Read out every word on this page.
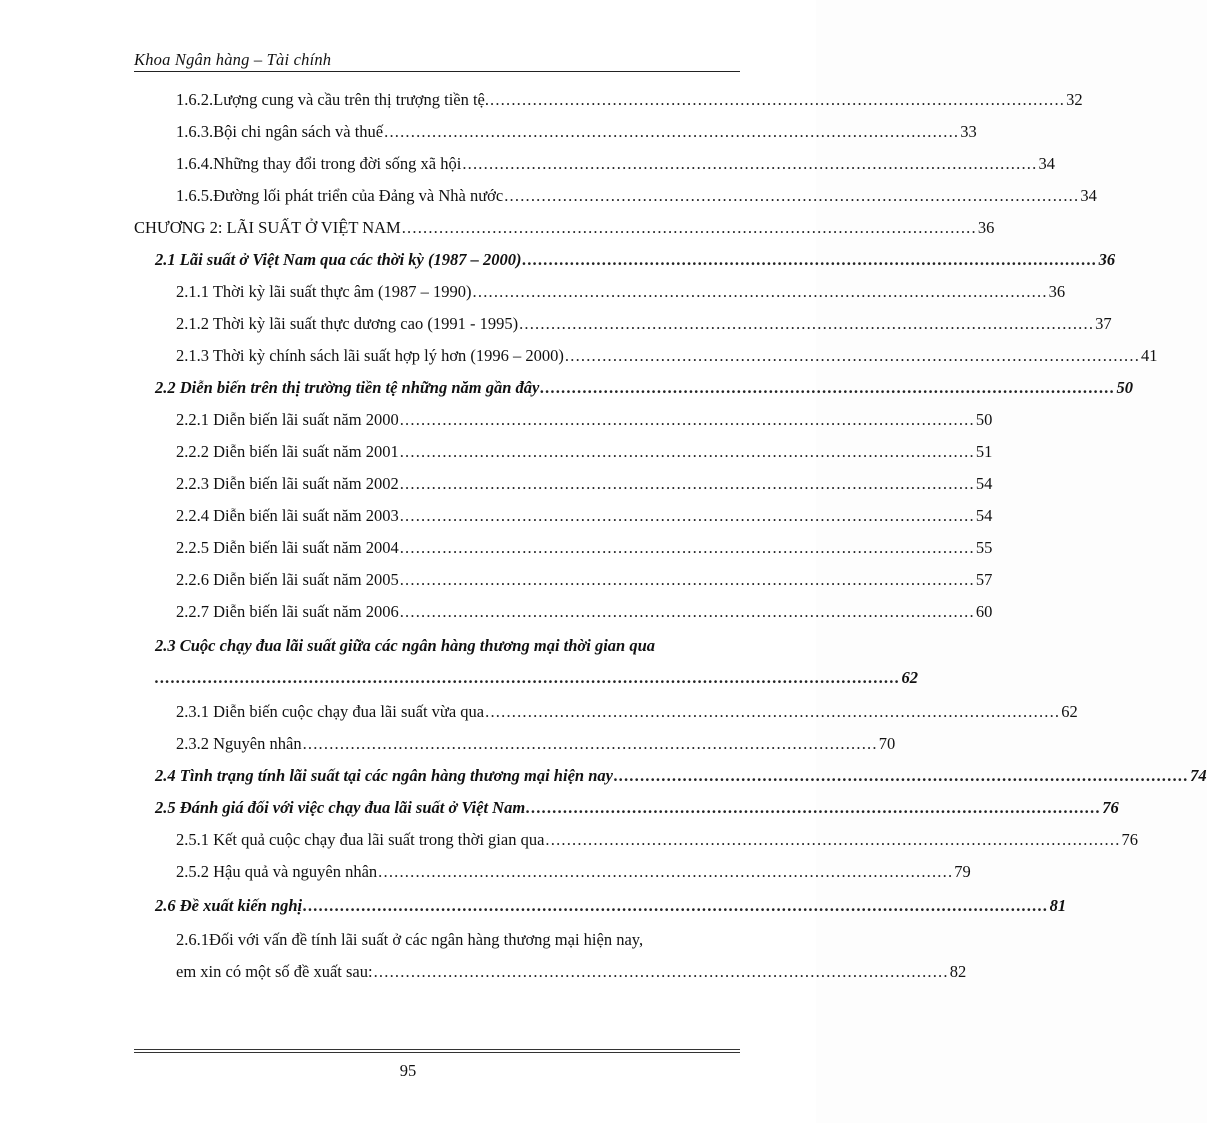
Khoa Ngân hàng – Tài chính
1.6.2.Lượng cung và cầu trên thị trượng tiền tệ. ............................................................................................................ 32
1.6.3.Bội chi ngân sách và thuế ............................................................................................................ 33
1.6.4.Những thay đổi trong đời sống xã hội ............................................................................................................ 34
1.6.5.Đường lối phát triển của Đảng và Nhà nước ............................................................................................................ 34
CHƯƠNG 2: LÃI SUẤT Ở VIỆT NAM ............................................................................................................ 36
2.1 Lãi suất ở Việt Nam qua các thời kỳ (1987 – 2000) ............................................................................................................ 36
2.1.1 Thời kỳ lãi suất thực âm (1987 – 1990) ............................................................................................................ 36
2.1.2 Thời kỳ lãi suất thực dương cao (1991 - 1995) ............................................................................................................ 37
2.1.3 Thời kỳ chính sách lãi suất hợp lý hơn (1996 – 2000) ............................................................................................................ 41
2.2 Diễn biến trên thị trường tiền tệ những năm gần đây ............................................................................................................ 50
2.2.1 Diễn biến lãi suất năm 2000 ............................................................................................................ 50
2.2.2 Diễn biến lãi suất năm 2001 ............................................................................................................ 51
2.2.3 Diễn biến lãi suất năm 2002 ............................................................................................................ 54
2.2.4 Diễn biến lãi suất năm 2003 ............................................................................................................ 54
2.2.5 Diễn biến lãi suất năm 2004 ............................................................................................................ 55
2.2.6 Diễn biến lãi suất năm 2005 ............................................................................................................ 57
2.2.7 Diễn biến lãi suất năm 2006 ............................................................................................................ 60
2.3 Cuộc chạy đua lãi suất giữa các ngân hàng thương mại thời gian qua
............................................................................................................................................ 62
2.3.1 Diễn biến cuộc chạy đua lãi suất vừa qua ............................................................................................................ 62
2.3.2 Nguyên nhân ............................................................................................................ 70
2.4 Tình trạng tính lãi suất tại các ngân hàng thương mại hiện nay ............................................................................................................ 74
2.5 Đánh giá đối với việc chạy đua lãi suất ở Việt Nam ............................................................................................................ 76
2.5.1 Kết quả cuộc chạy đua lãi suất trong thời gian qua ............................................................................................................ 76
2.5.2 Hậu quả và nguyên nhân ............................................................................................................ 79
2.6 Đề xuất kiến nghị ............................................................................................................................................ 81
2.6.1Đối với vấn đề tính lãi suất ở các ngân hàng thương mại hiện nay,
em xin có một số đề xuất sau: ............................................................................................................ 82
95
